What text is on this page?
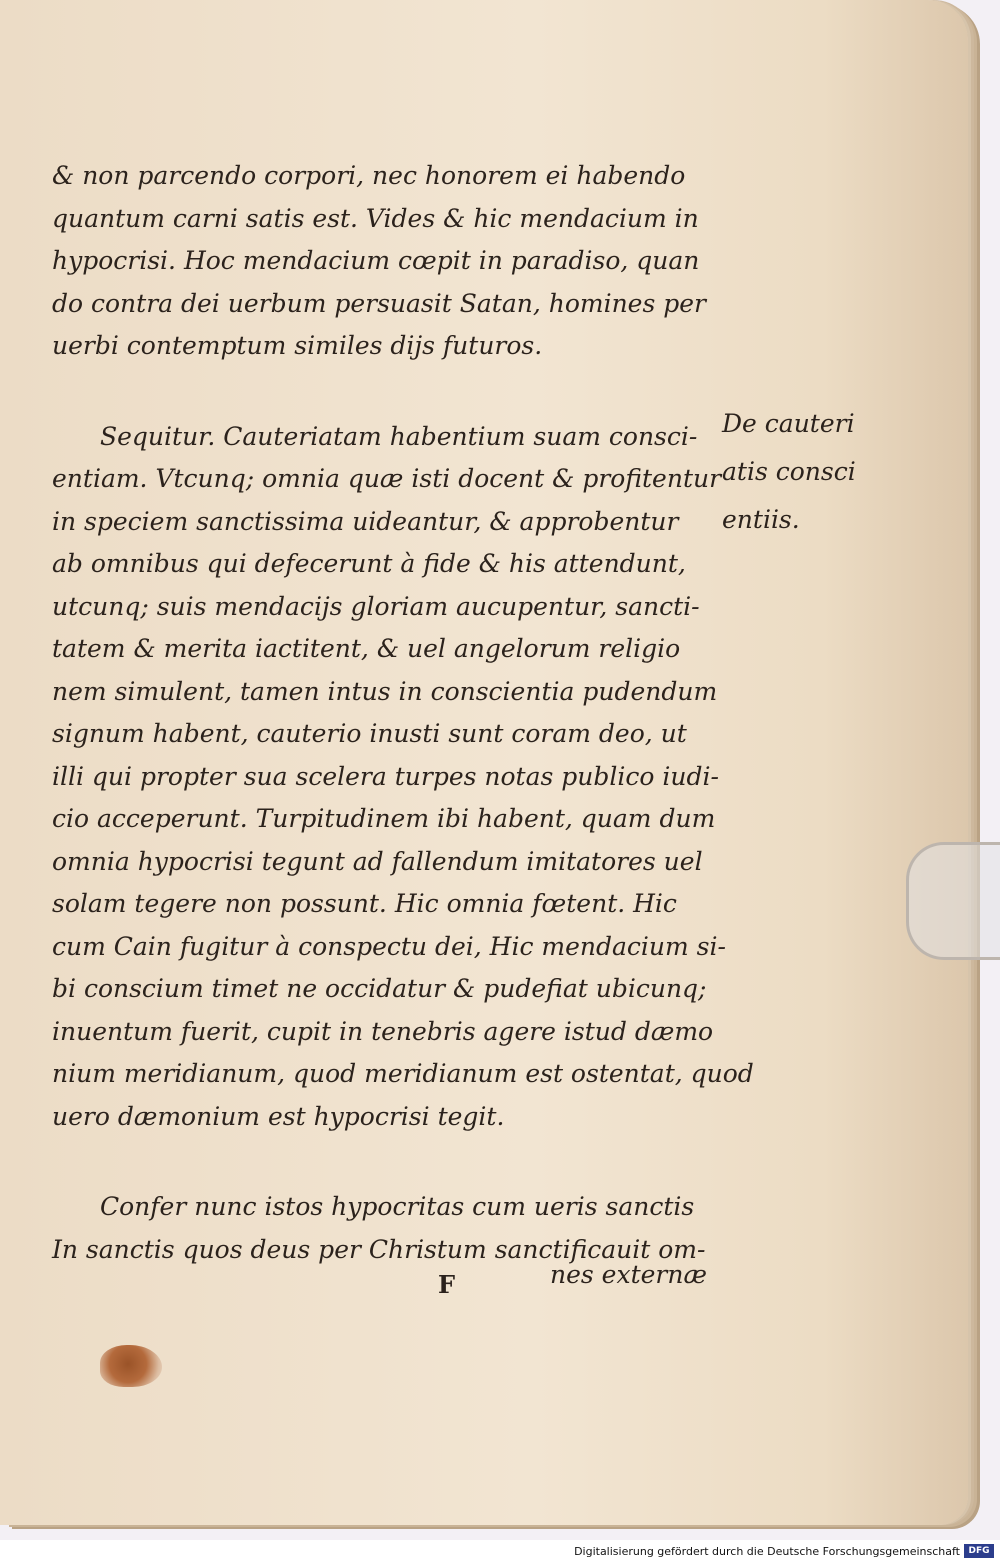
& non parcendo corpori, nec honorem ei habendo
quantum carni satis est. Vides & hic mendacium in
hypocrisi. Hoc mendacium cœpit in paradiso, quan
do contra dei uerbum persuasit Satan, homines per
uerbi contemptum similes dijs futuros.
Sequitur. Cauteriatam habentium suam consci-
entiam. Vtcunq; omnia quæ isti docent & profitentur
in speciem sanctissima uideantur, & approbentur
ab omnibus qui defecerunt à fide & his attendunt,
utcunq; suis mendacijs gloriam aucupentur, sancti-
tatem & merita iactitent, & uel angelorum religio
nem simulent, tamen intus in conscientia pudendum
signum habent, cauterio inusti sunt coram deo, ut
illi qui propter sua scelera turpes notas publico iudi-
cio acceperunt. Turpitudinem ibi habent, quam dum
omnia hypocrisi tegunt ad fallendum imitatores uel
solam tegere non possunt. Hic omnia fœtent. Hic
cum Cain fugitur à conspectu dei, Hic mendacium si-
bi conscium timet ne occidatur & pudefiat ubicunq;
inuentum fuerit, cupit in tenebris agere istud dæmo
nium meridianum, quod meridianum est ostentat, quod
uero dæmonium est hypocrisi tegit.
Confer nunc istos hypocritas cum ueris sanctis
In sanctis quos deus per Christum sanctificauit om-
De cauteri
atis consci
entiis.
F	nes externæ
Digitalisierung gefördert durch die Deutsche Forschungsgemeinschaft DFG
